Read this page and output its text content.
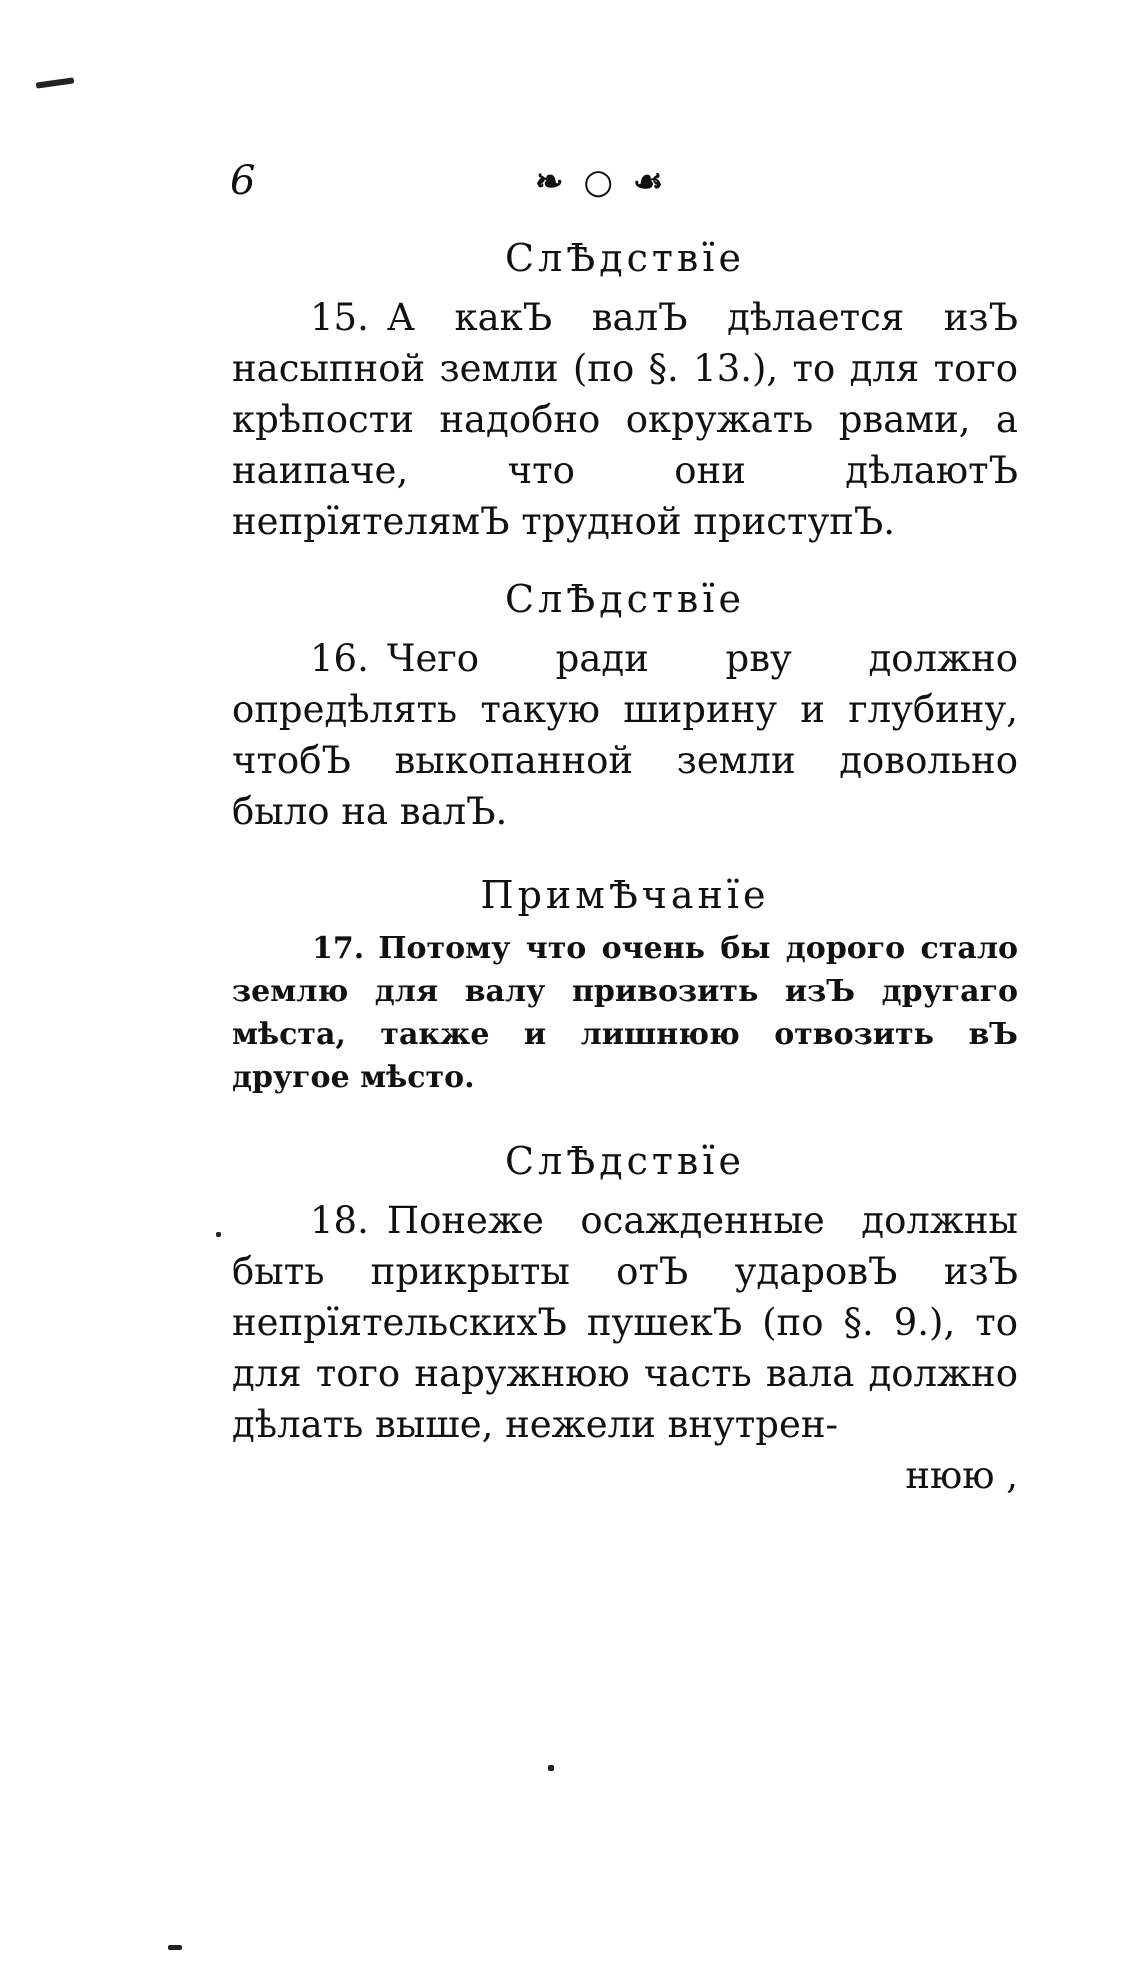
6	❧ ○ ☙
СлѢдствїе

15. А какЪ валЪ дѣлается изЪ насыпной земли (по §. 13.), то для того крѣпости надобно окружать рвами, а наипаче, что они дѣлаютЪ непрїятелямЪ трудной приступЪ.

СлѢдствїе

16. Чего ради рву должно опредѣлять такую ширину и глубину, чтобЪ выкопанной земли довольно было на валЪ.

ПримѢчанїе

17. Потому что очень бы дорого стало землю для валу привозить изЪ другаго мѣста, также и лишнюю отвозить вЪ другое мѣсто.

СлѢдствїе

18. Понеже осажденные должны быть прикрыты отЪ ударовЪ изЪ непрїятельскихЪ пушекЪ (по §. 9.), то для того наружнюю часть вала должно дѣлать выше, нежели внутрен-

нюю ,
